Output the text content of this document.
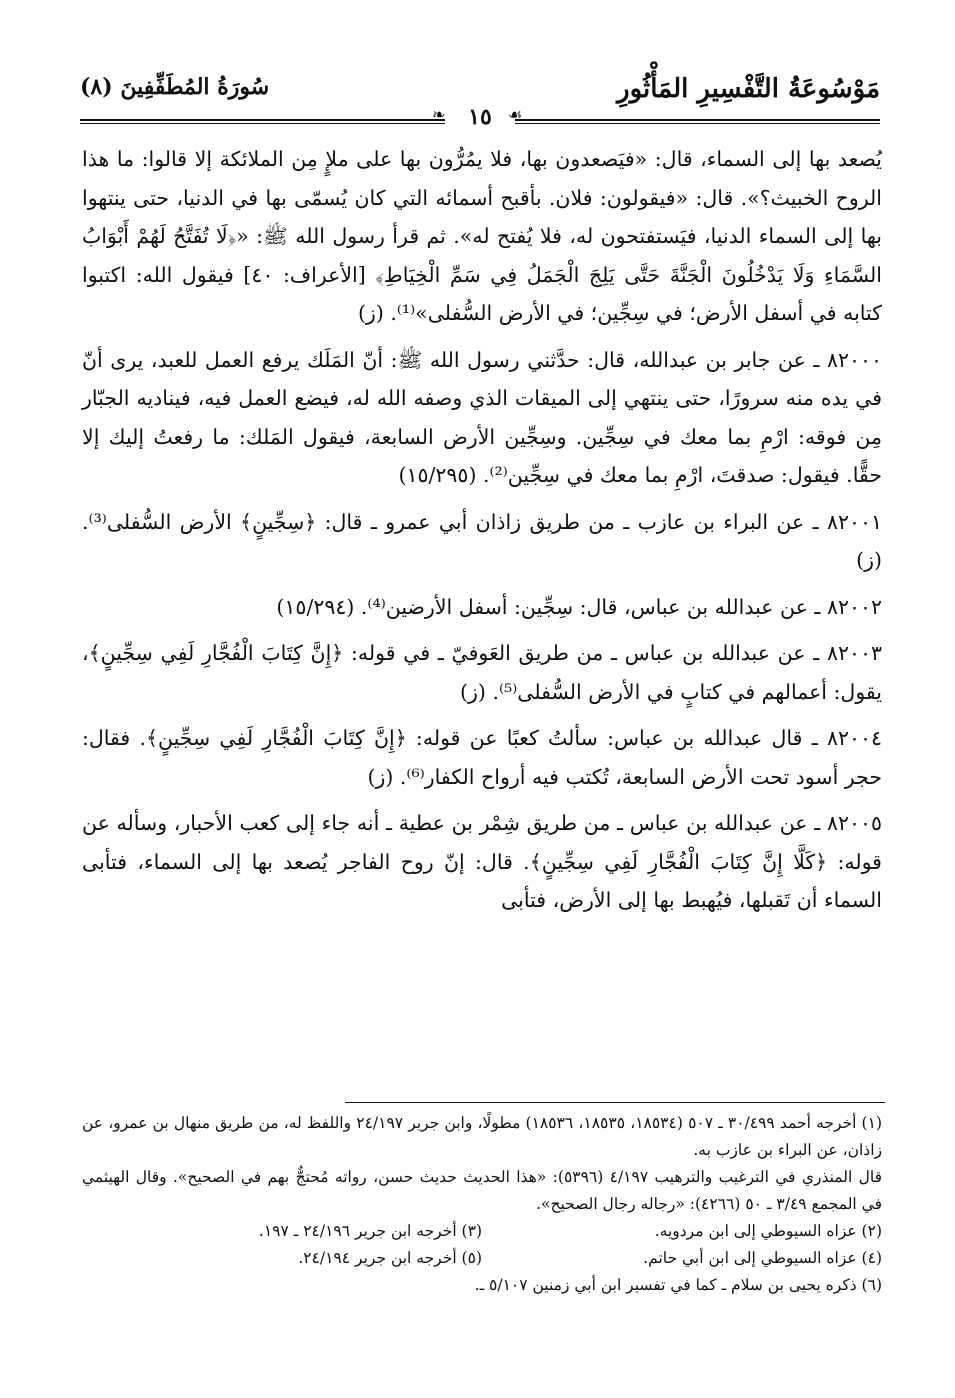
مَوْسُوعَةُ التَّفْسِيرِ المَأْثُورِ
سُورَةُ المُطَفِّفِينَ (٨)
❧	١٥	☙

يُصعد بها إلى السماء، قال: «فيَصعدون بها، فلا يمُرُّون بها على ملإٍ مِن الملائكة إلا قالوا: ما هذا الروح الخبيث؟». قال: «فيقولون: فلان. بأقبح أسمائه التي كان يُسمّى بها في الدنيا، حتى ينتهوا بها إلى السماء الدنيا، فيَستفتحون له، فلا يُفتح له». ثم قرأ رسول الله ﷺ: «﴿لَا تُفَتَّحُ لَهُمْ أَبْوَابُ السَّمَاءِ وَلَا يَدْخُلُونَ الْجَنَّةَ حَتَّى يَلِجَ الْجَمَلُ فِي سَمِّ الْخِيَاطِ﴾ [الأعراف: ٤٠] فيقول الله: اكتبوا كتابه في أسفل الأرض؛ في سِجِّين؛ في الأرض السُّفلى»⁽¹⁾. (ز)

٨٢٠٠٠ ـ عن جابر بن عبدالله، قال: حدَّثني رسول الله ﷺ: أنّ المَلَك يرفع العمل للعبد، يرى أنّ في يده منه سرورًا، حتى ينتهي إلى الميقات الذي وصفه الله له، فيضع العمل فيه، فيناديه الجبّار مِن فوقه: ارْمِ بما معك في سِجِّين. وسِجِّين الأرض السابعة، فيقول المَلك: ما رفعتُ إليك إلا حقًّا. فيقول: صدقتَ، ارْمِ بما معك في سِجِّين⁽²⁾. (١٥/٢٩٥)

٨٢٠٠١ ـ عن البراء بن عازب ـ من طريق زاذان أبي عمرو ـ قال: ﴿سِجِّينٍ﴾ الأرض السُّفلى⁽³⁾. (ز)

٨٢٠٠٢ ـ عن عبدالله بن عباس، قال: سِجِّين: أسفل الأرضين⁽⁴⁾. (١٥/٢٩٤)

٨٢٠٠٣ ـ عن عبدالله بن عباس ـ من طريق العَوفيّ ـ في قوله: ﴿إِنَّ كِتَابَ الْفُجَّارِ لَفِي سِجِّينٍ﴾، يقول: أعمالهم في كتابٍ في الأرض السُّفلى⁽⁵⁾. (ز)

٨٢٠٠٤ ـ قال عبدالله بن عباس: سألتُ كعبًا عن قوله: ﴿إِنَّ كِتَابَ الْفُجَّارِ لَفِي سِجِّينٍ﴾. فقال: حجر أسود تحت الأرض السابعة، تُكتب فيه أرواح الكفار⁽⁶⁾. (ز)

٨٢٠٠٥ ـ عن عبدالله بن عباس ـ من طريق شِمْر بن عطية ـ أنه جاء إلى كعب الأحبار، وسأله عن قوله: ﴿كَلَّا إِنَّ كِتَابَ الْفُجَّارِ لَفِي سِجِّينٍ﴾. قال: إنّ روح الفاجر يُصعد بها إلى السماء، فتأبى السماء أن تَقبلها، فيُهبط بها إلى الأرض، فتأبى

(١) أخرجه أحمد ٣٠/٤٩٩ ـ ٥٠٧ (١٨٥٣٤، ١٨٥٣٥، ١٨٥٣٦) مطولًا، وابن جرير ٢٤/١٩٧ واللفظ له، من طريق منهال بن عمرو، عن زاذان، عن البراء بن عازب به.

قال المنذري في الترغيب والترهيب ٤/١٩٧ (٥٣٩٦): «هذا الحديث حديث حسن، رواته مُحتجٌّ بهم في الصحيح». وقال الهيثمي في المجمع ٣/٤٩ ـ ٥٠ (٤٢٦٦): «رجاله رجال الصحيح».

(٢) عزاه السيوطي إلى ابن مردويه.
(٣) أخرجه ابن جرير ٢٤/١٩٦ ـ ١٩٧.
(٤) عزاه السيوطي إلى ابن أبي حاتم.
(٥) أخرجه ابن جرير ٢٤/١٩٤.

(٦) ذكره يحيى بن سلام ـ كما في تفسير ابن أبي زمنين ٥/١٠٧ ـ.
